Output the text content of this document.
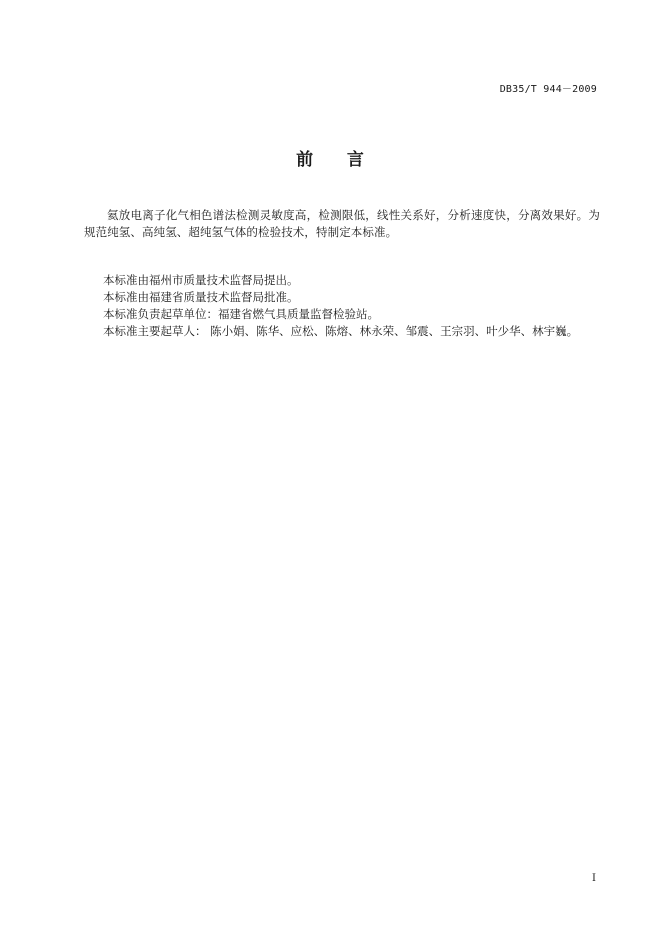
DB35/T 944－2009
前    言

氦放电离子化气相色谱法检测灵敏度高，检测限低，线性关系好，分析速度快，分离效果好。为规范纯氢、高纯氢、超纯氢气体的检验技术，特制定本标准。

本标准由福州市质量技术监督局提出。
本标准由福建省质量技术监督局批准。
本标准负责起草单位：福建省燃气具质量监督检验站。
本标准主要起草人： 陈小娟、陈华、应松、陈熔、林永荣、邹震、王宗羽、叶少华、林宇巍。
I
